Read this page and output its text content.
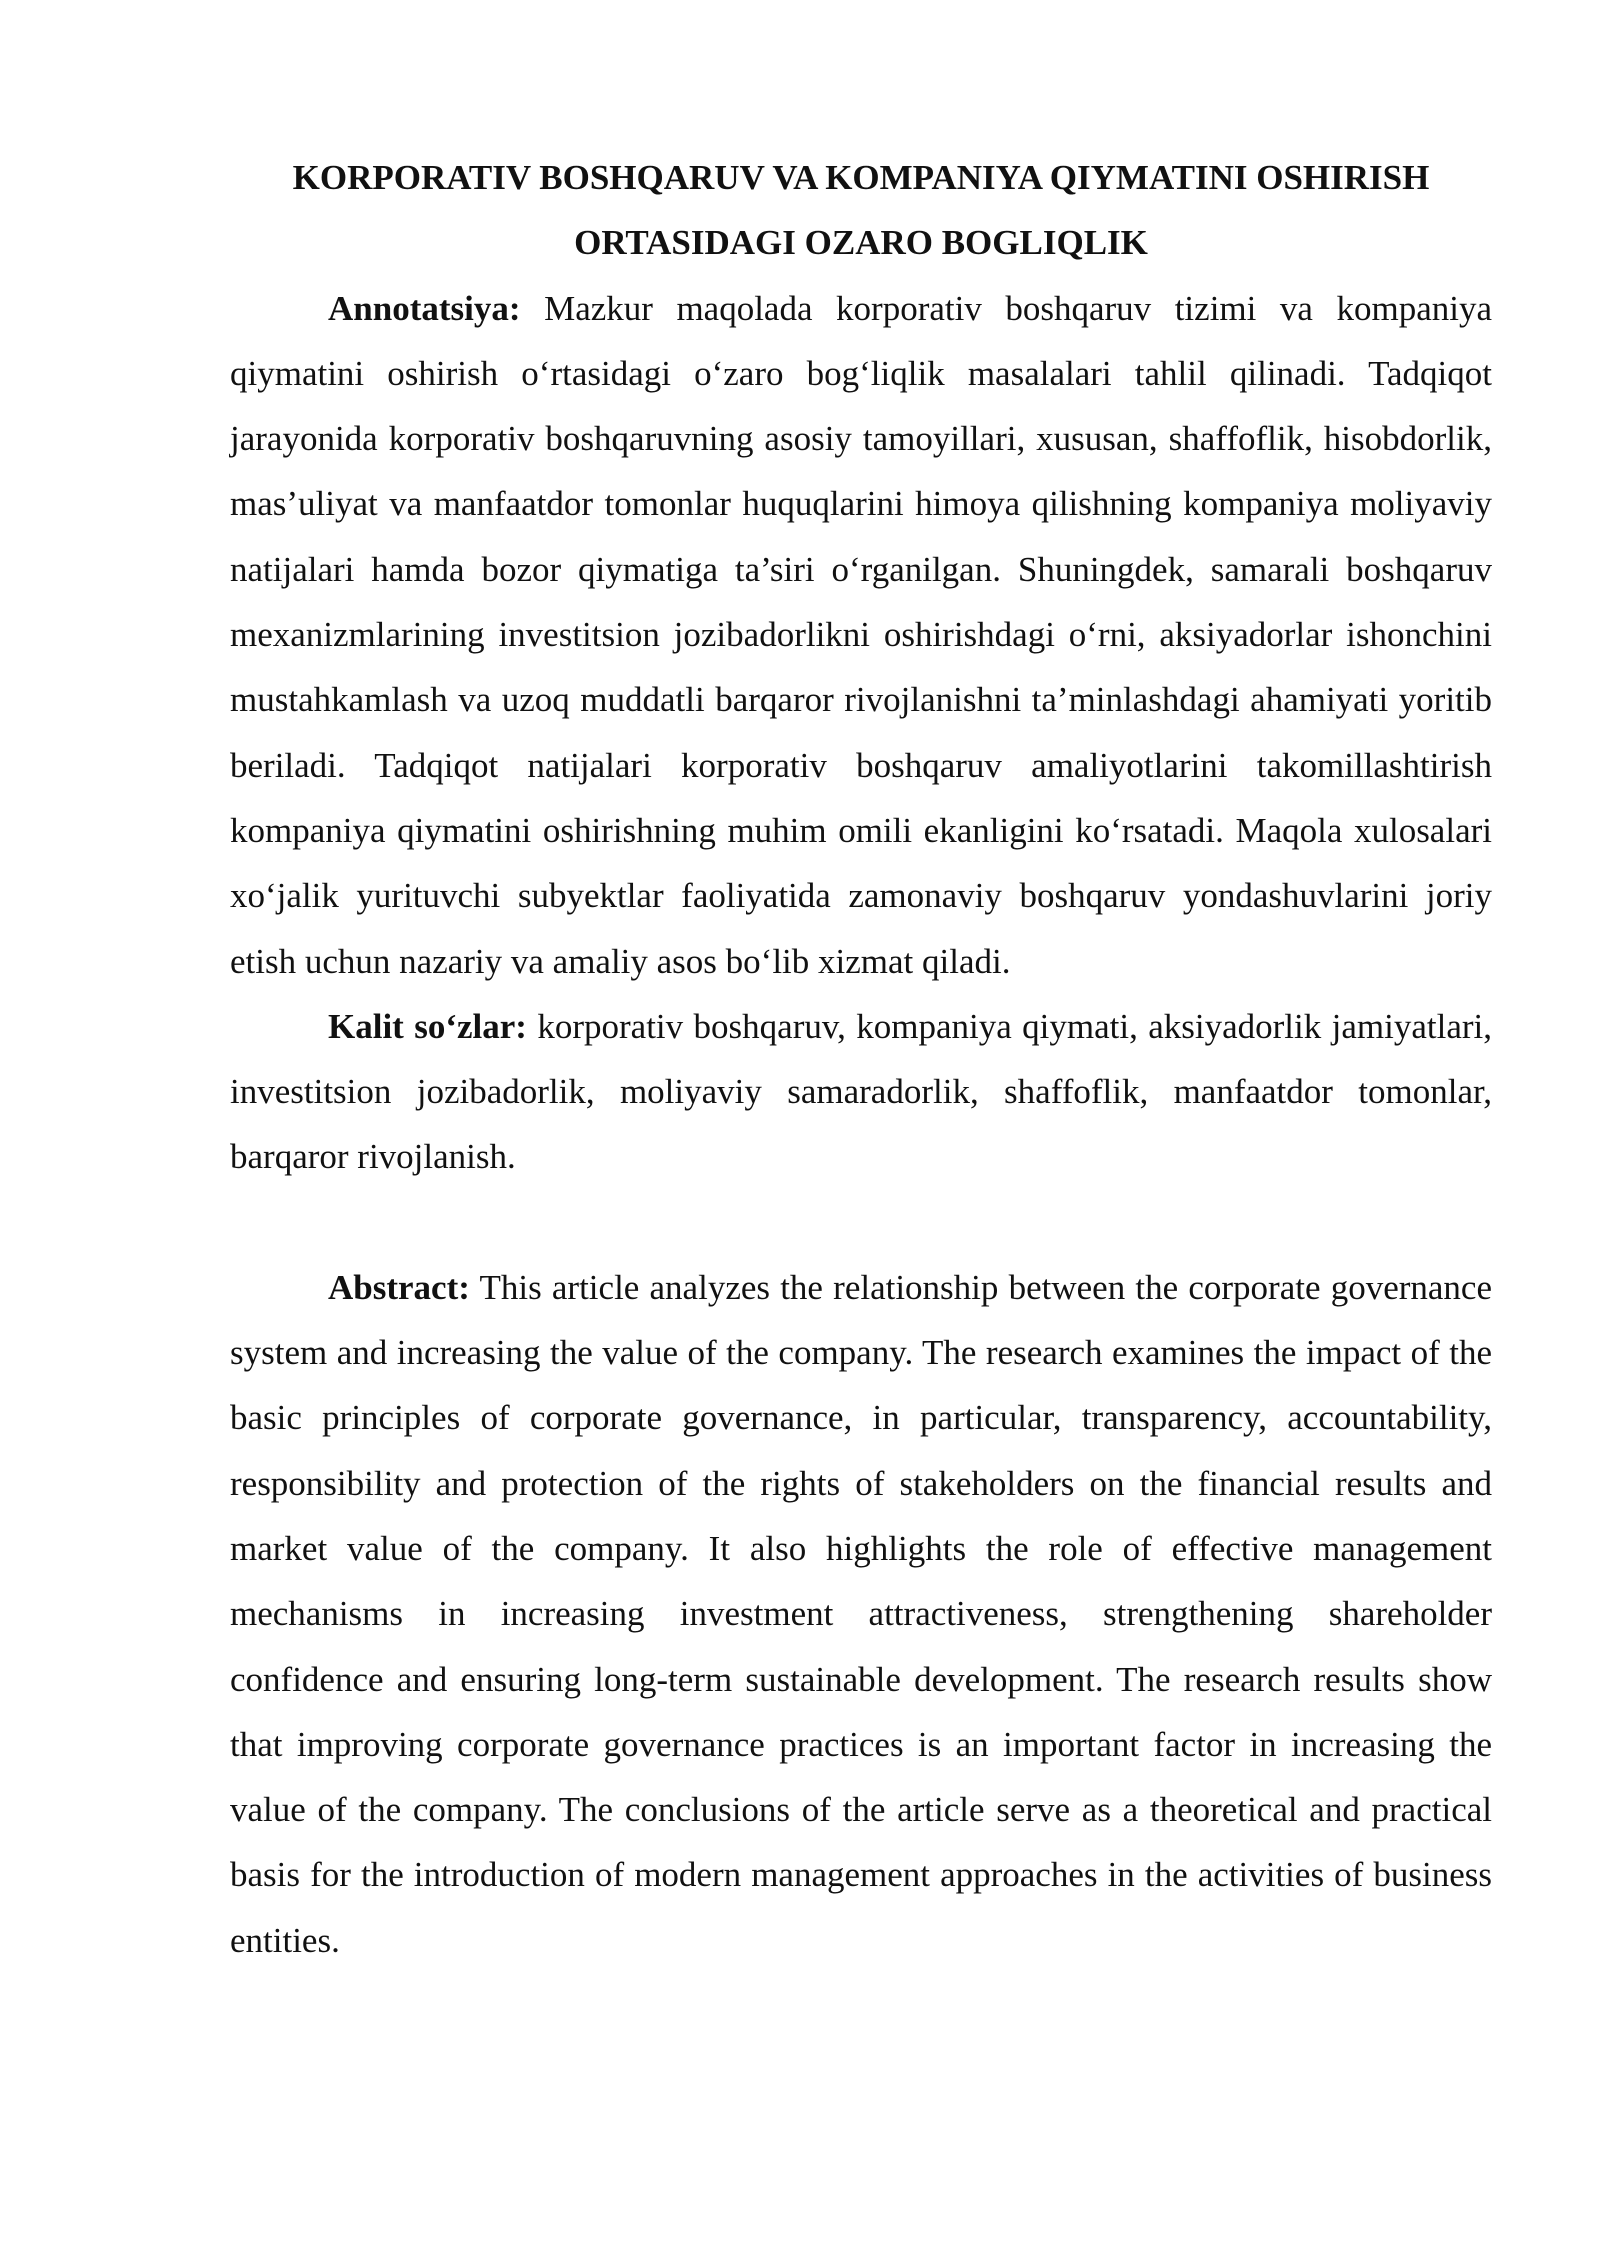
KORPORATIV BOSHQARUV VA KOMPANIYA QIYMATINI OSHIRISH
ORTASIDAGI OZARO BOGLIQLIK

Annotatsiya: Mazkur maqolada korporativ boshqaruv tizimi va kompaniya qiymatini oshirish o‘rtasidagi o‘zaro bog‘liqlik masalalari tahlil qilinadi. Tadqiqot jarayonida korporativ boshqaruvning asosiy tamoyillari, xususan, shaffoflik, hisobdorlik, mas’uliyat va manfaatdor tomonlar huquqlarini himoya qilishning kompaniya moliyaviy natijalari hamda bozor qiymatiga ta’siri o‘rganilgan. Shuningdek, samarali boshqaruv mexanizmlarining investitsion jozibadorlikni oshirishdagi o‘rni, aksiyadorlar ishonchini mustahkamlash va uzoq muddatli barqaror rivojlanishni ta’minlashdagi ahamiyati yoritib beriladi. Tadqiqot natijalari korporativ boshqaruv amaliyotlarini takomillashtirish kompaniya qiymatini oshirishning muhim omili ekanligini ko‘rsatadi. Maqola xulosalari xo‘jalik yurituvchi subyektlar faoliyatida zamonaviy boshqaruv yondashuvlarini joriy etish uchun nazariy va amaliy asos bo‘lib xizmat qiladi.

Kalit so‘zlar: korporativ boshqaruv, kompaniya qiymati, aksiyadorlik jamiyatlari, investitsion jozibadorlik, moliyaviy samaradorlik, shaffoflik, manfaatdor tomonlar, barqaror rivojlanish.

Abstract: This article analyzes the relationship between the corporate governance system and increasing the value of the company. The research examines the impact of the basic principles of corporate governance, in particular, transparency, accountability, responsibility and protection of the rights of stakeholders on the financial results and market value of the company. It also highlights the role of effective management mechanisms in increasing investment attractiveness, strengthening shareholder confidence and ensuring long-term sustainable development. The research results show that improving corporate governance practices is an important factor in increasing the value of the company. The conclusions of the article serve as a theoretical and practical basis for the introduction of modern management approaches in the activities of business entities.
